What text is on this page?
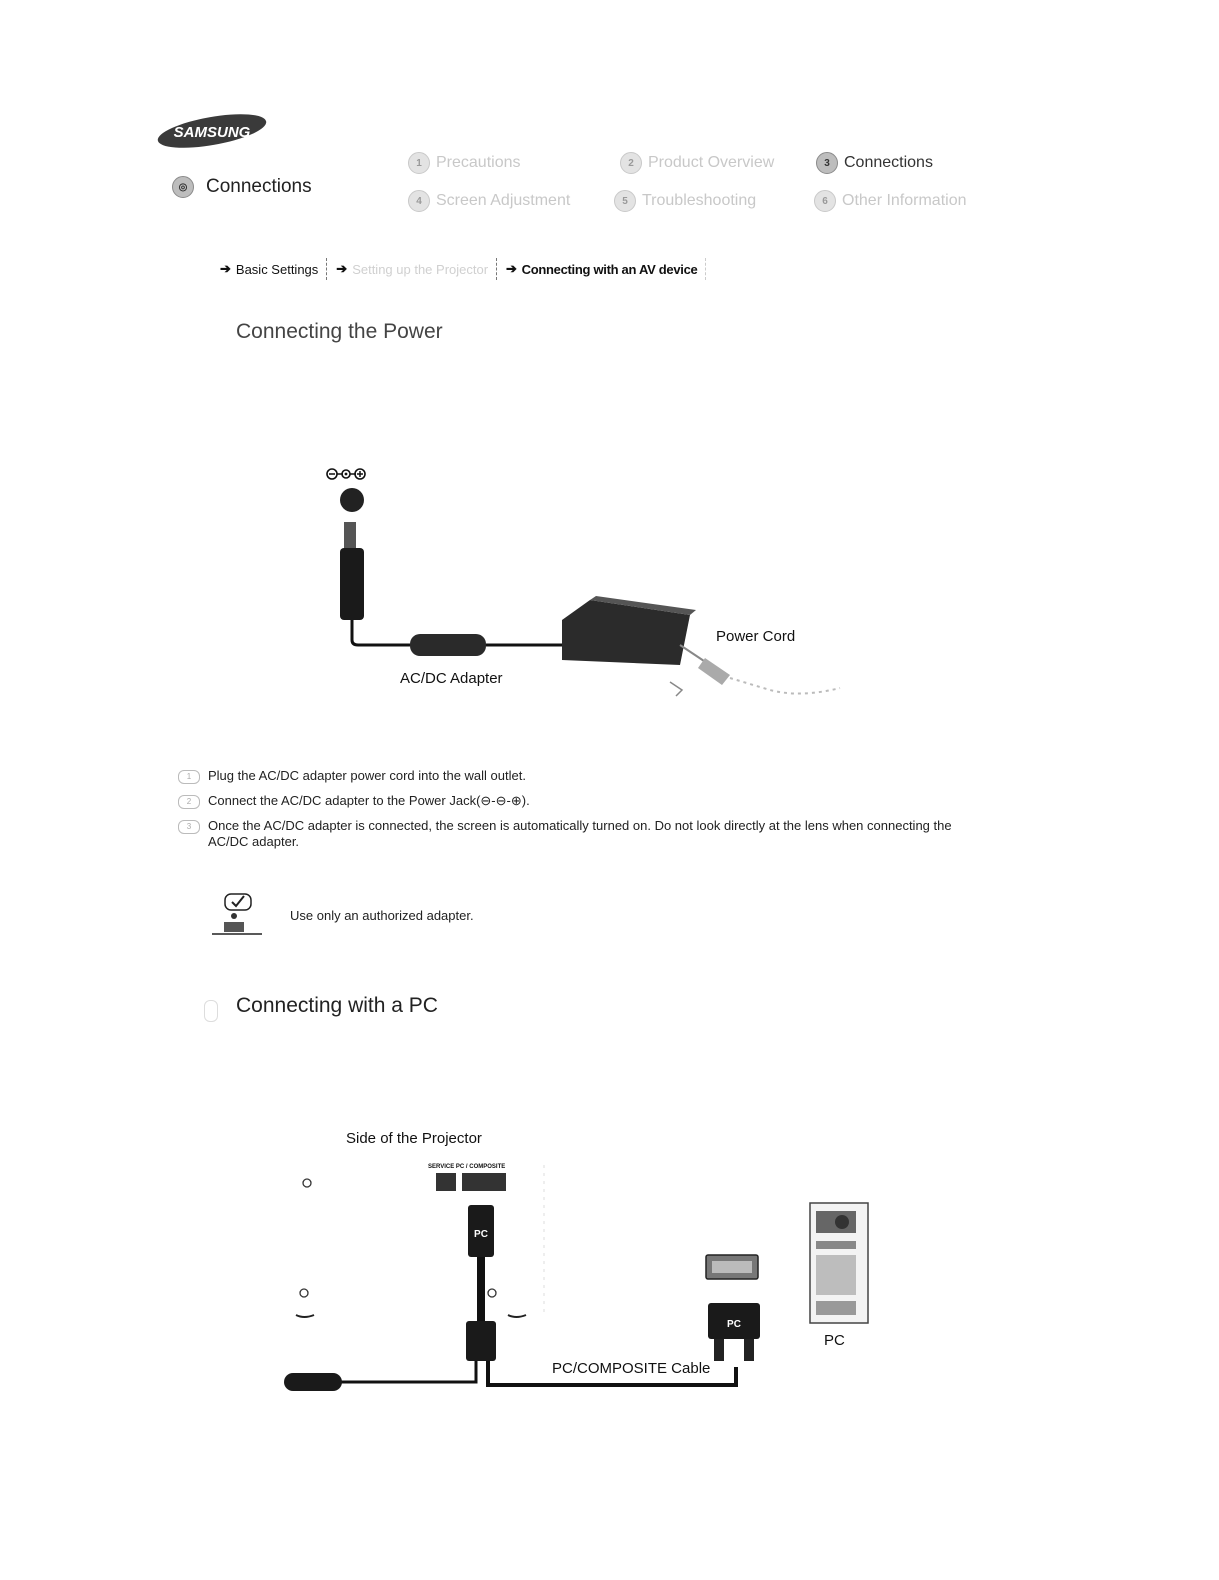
SAMSUNG
◎ Connections
1 Precautions	2 Product Overview	3 Connections
4 Screen Adjustment	5 Troubleshooting	6 Other Information
➔ Basic Settings ➔ Setting up the Projector ➔ Connecting with an AV device
Connecting the Power
Power Cord
AC/DC Adapter
1	Plug the AC/DC adapter power cord into the wall outlet.
2	Connect the AC/DC adapter to the Power Jack(⊖-⊖-⊕).
3	Once the AC/DC adapter is connected, the screen is automatically turned on. Do not look directly at the lens when connecting the AC/DC adapter.
Use only an authorized adapter.
Connecting with a PC
Side of the Projector
SERVICE PC / COMPOSITE
PC
PC
PC
PC/COMPOSITE Cable
